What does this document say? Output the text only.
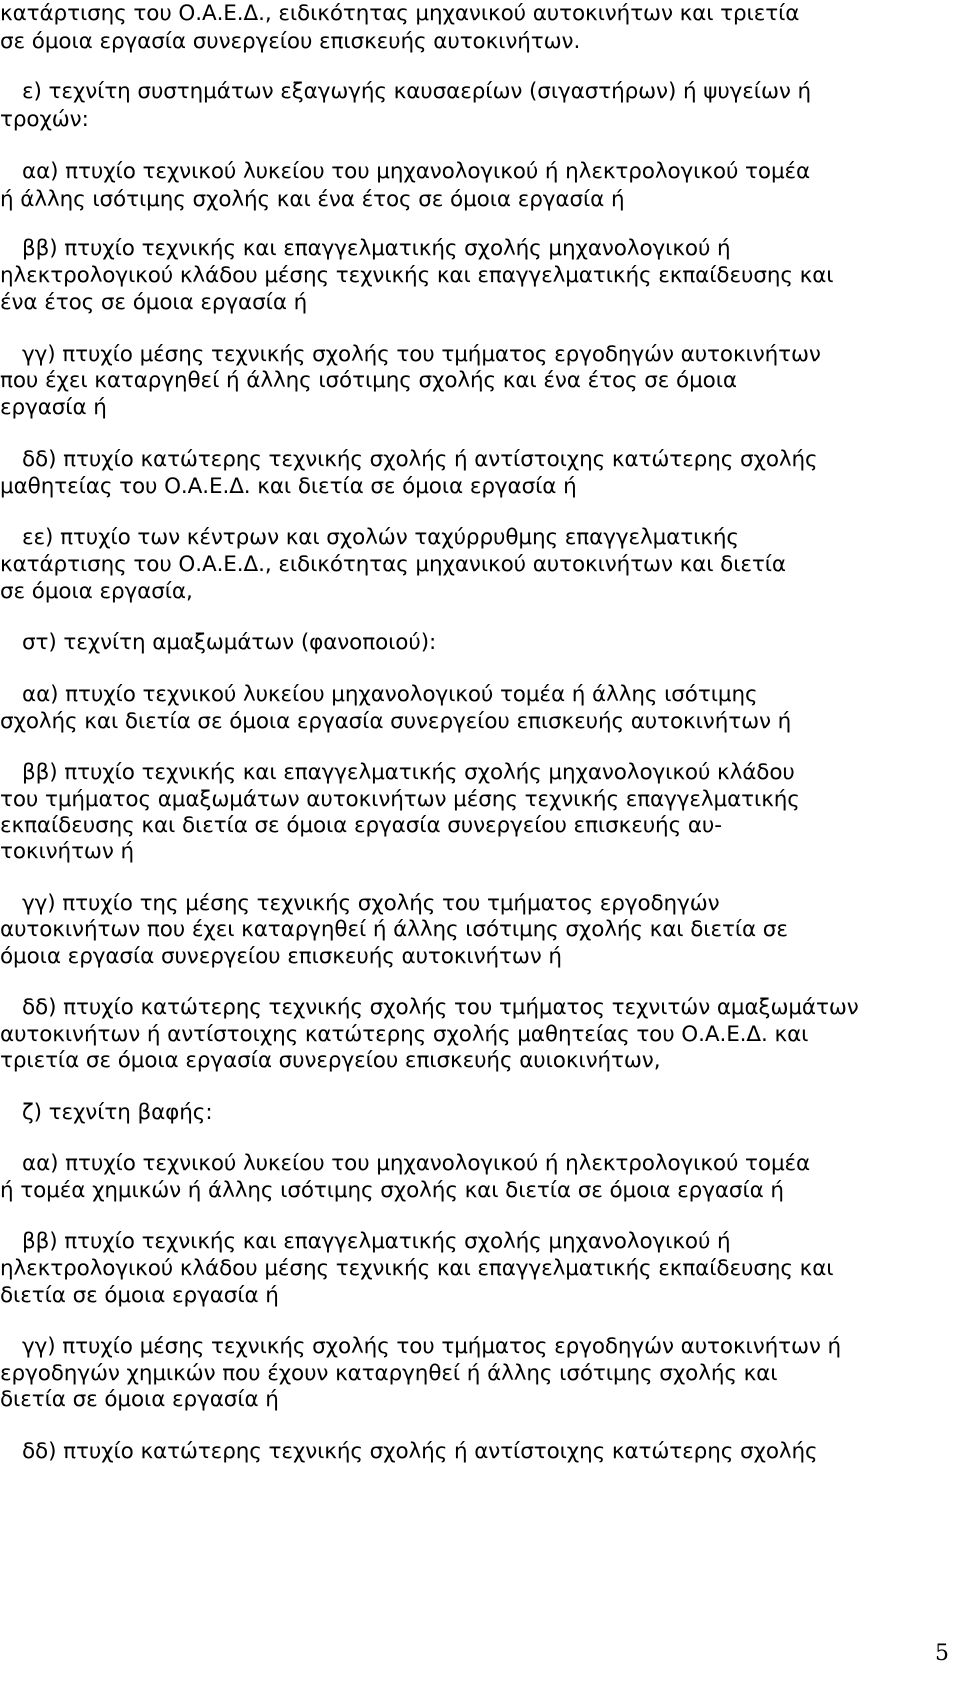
κατάρτισης του Ο.Α.Ε.Δ., ειδικότητας μηχανικού αυτοκινήτων και τριετία
σε όμοια εργασία συνεργείου επισκευής αυτοκινήτων.
ε) τεχνίτη συστημάτων εξαγωγής καυσαερίων (σιγαστήρων) ή ψυγείων ή
τροχών:
αα) πτυχίο τεχνικού λυκείου του μηχανολογικού ή ηλεκτρολογικού τομέα
ή άλλης ισότιμης σχολής και ένα έτος σε όμοια εργασία ή
ββ) πτυχίο τεχνικής και επαγγελματικής σχολής μηχανολογικού ή
ηλεκτρολογικού κλάδου μέσης τεχνικής και επαγγελματικής εκπαίδευσης και
ένα έτος σε όμοια εργασία ή
γγ) πτυχίο μέσης τεχνικής σχολής του τμήματος εργοδηγών αυτοκινήτων
που έχει καταργηθεί ή άλλης ισότιμης σχολής και ένα έτος σε όμοια
εργασία ή
δδ) πτυχίο κατώτερης τεχνικής σχολής ή αντίστοιχης κατώτερης σχολής
μαθητείας του Ο.Α.Ε.Δ. και διετία σε όμοια εργασία ή
εε) πτυχίο των κέντρων και σχολών ταχύρρυθμης επαγγελματικής
κατάρτισης του Ο.Α.Ε.Δ., ειδικότητας μηχανικού αυτοκινήτων και διετία
σε όμοια εργασία,
στ) τεχνίτη αμαξωμάτων (φανοποιού):
αα) πτυχίο τεχνικού λυκείου μηχανολογικού τομέα ή άλλης ισότιμης
σχολής και διετία σε όμοια εργασία συνεργείου επισκευής αυτοκινήτων ή
ββ) πτυχίο τεχνικής και επαγγελματικής σχολής μηχανολογικού κλάδου
του τμήματος αμαξωμάτων αυτοκινήτων μέσης τεχνικής επαγγελματικής
εκπαίδευσης και διετία σε όμοια εργασία συνεργείου επισκευής αυ-
τοκινήτων ή
γγ) πτυχίο της μέσης τεχνικής σχολής του τμήματος εργοδηγών
αυτοκινήτων που έχει καταργηθεί ή άλλης ισότιμης σχολής και διετία σε
όμοια εργασία συνεργείου επισκευής αυτοκινήτων ή
δδ) πτυχίο κατώτερης τεχνικής σχολής του τμήματος τεχνιτών αμαξωμάτων
αυτοκινήτων ή αντίστοιχης κατώτερης σχολής μαθητείας του Ο.Α.Ε.Δ. και
τριετία σε όμοια εργασία συνεργείου επισκευής αυιοκινήτων,
ζ) τεχνίτη βαφής:
αα) πτυχίο τεχνικού λυκείου του μηχανολογικού ή ηλεκτρολογικού τομέα
ή τομέα χημικών ή άλλης ισότιμης σχολής και διετία σε όμοια εργασία ή
ββ) πτυχίο τεχνικής και επαγγελματικής σχολής μηχανολογικού ή
ηλεκτρολογικού κλάδου μέσης τεχνικής και επαγγελματικής εκπαίδευσης και
διετία σε όμοια εργασία ή
γγ) πτυχίο μέσης τεχνικής σχολής του τμήματος εργοδηγών αυτοκινήτων ή
εργοδηγών χημικών που έχουν καταργηθεί ή άλλης ισότιμης σχολής και
διετία σε όμοια εργασία ή
δδ) πτυχίο κατώτερης τεχνικής σχολής ή αντίστοιχης κατώτερης σχολής
5
